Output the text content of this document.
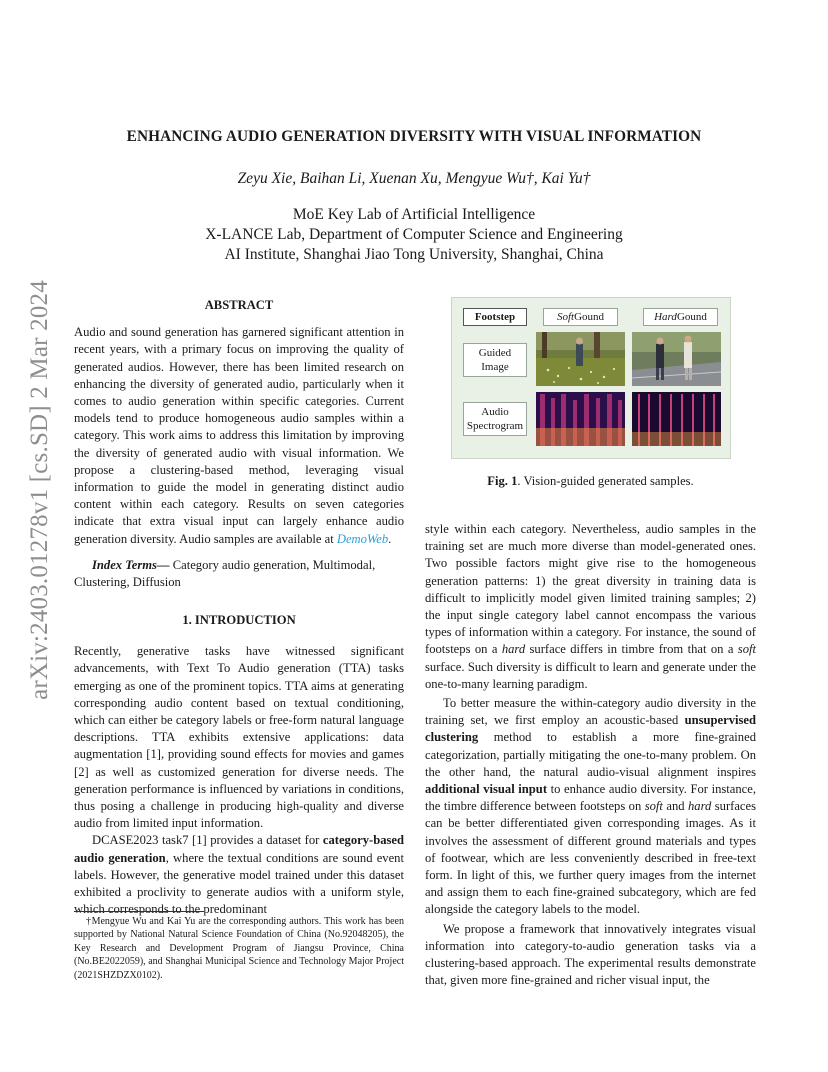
arXiv:2403.01278v1 [cs.SD] 2 Mar 2024
ENHANCING AUDIO GENERATION DIVERSITY WITH VISUAL INFORMATION
Zeyu Xie, Baihan Li, Xuenan Xu, Mengyue Wu†, Kai Yu†
MoE Key Lab of Artificial Intelligence
X-LANCE Lab, Department of Computer Science and Engineering
AI Institute, Shanghai Jiao Tong University, Shanghai, China

ABSTRACT

Audio and sound generation has garnered significant attention in recent years, with a primary focus on improving the quality of generated audios. However, there has been limited research on enhancing the diversity of generated audio, particularly when it comes to audio generation within specific categories. Current models tend to produce homogeneous audio samples within a category. This work aims to address this limitation by improving the diversity of generated audio with visual information. We propose a clustering-based method, leveraging visual information to guide the model in generating distinct audio content within each category. Results on seven categories indicate that extra visual input can largely enhance audio generation diversity. Audio samples are available at DemoWeb.

Index Terms— Category audio generation, Multimodal, Clustering, Diffusion

1. INTRODUCTION

Recently, generative tasks have witnessed significant advancements, with Text To Audio generation (TTA) tasks emerging as one of the prominent topics. TTA aims at generating corresponding audio content based on textual conditioning, which can either be category labels or free-form natural language descriptions. TTA exhibits extensive applications: data augmentation [1], providing sound effects for movies and games [2] as well as customized generation for diverse needs. The generation performance is influenced by variations in conditions, thus posing a challenge in producing high-quality and diverse audio from limited input information.

DCASE2023 task7 [1] provides a dataset for category-based audio generation, where the textual conditions are sound event labels. However, the generative model trained under this dataset exhibited a proclivity to generate audios with a uniform style, which corresponds to the predominant

†Mengyue Wu and Kai Yu are the corresponding authors. This work has been supported by National Natural Science Foundation of China (No.92048205), the Key Research and Development Program of Jiangsu Province, China (No.BE2022059), and Shanghai Municipal Science and Technology Major Project (2021SHZDZX0102).

Footstep	Soft Gound	Hard Gound
Guided Image
Audio Spectrogram
Fig. 1. Vision-guided generated samples.

style within each category. Nevertheless, audio samples in the training set are much more diverse than model-generated ones. Two possible factors might give rise to the homogeneous generation patterns: 1) the great diversity in training data is difficult to implicitly model given limited training samples; 2) the input single category label cannot encompass the various types of information within a category. For instance, the sound of footsteps on a hard surface differs in timbre from that on a soft surface. Such diversity is difficult to learn and generate under the one-to-many learning paradigm.

To better measure the within-category audio diversity in the training set, we first employ an acoustic-based unsupervised clustering method to establish a more fine-grained categorization, partially mitigating the one-to-many problem. On the other hand, the natural audio-visual alignment inspires additional visual input to enhance audio diversity. For instance, the timbre difference between footsteps on soft and hard surfaces can be better differentiated given corresponding images. As it involves the assessment of different ground materials and types of footwear, which are less conveniently described in free-text form. In light of this, we further query images from the internet and assign them to each fine-grained subcategory, which are fed alongside the category labels to the model.

We propose a framework that innovatively integrates visual information into category-to-audio generation tasks via a clustering-based approach. The experimental results demonstrate that, given more fine-grained and richer visual input, the
